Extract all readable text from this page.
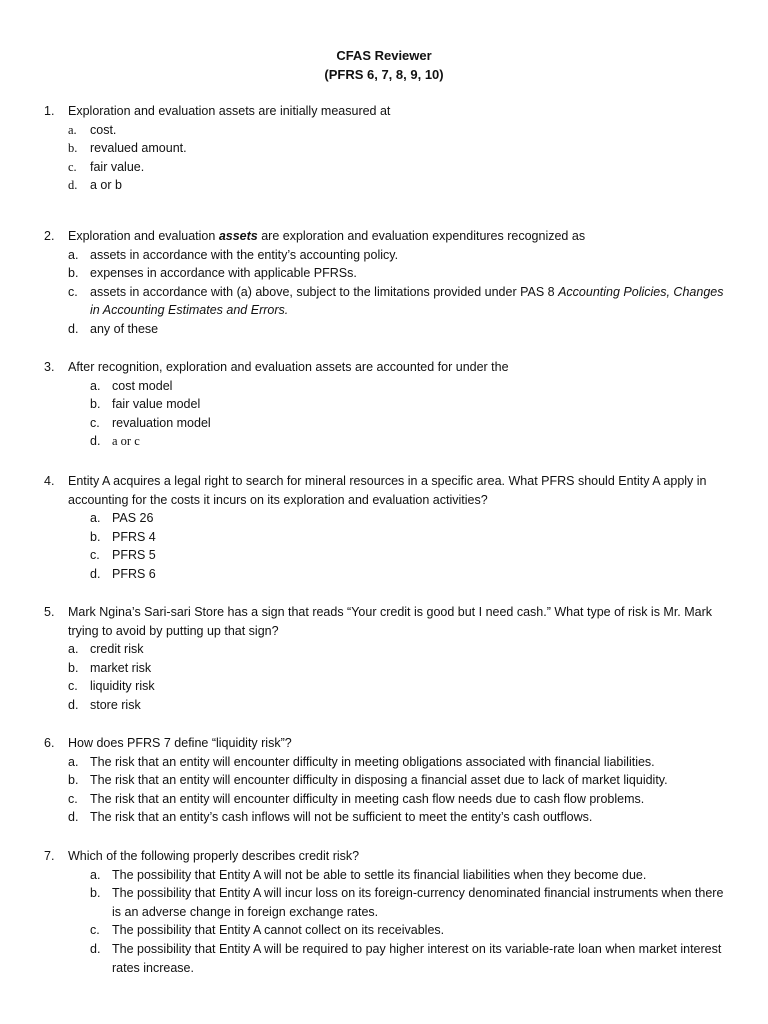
CFAS Reviewer
(PFRS 6, 7, 8, 9, 10)
1. Exploration and evaluation assets are initially measured at
a. cost.
b. revalued amount.
c. fair value.
d. a or b
2. Exploration and evaluation assets are exploration and evaluation expenditures recognized as
a. assets in accordance with the entity’s accounting policy.
b. expenses in accordance with applicable PFRSs.
c. assets in accordance with (a) above, subject to the limitations provided under PAS 8 Accounting Policies, Changes in Accounting Estimates and Errors.
d. any of these
3. After recognition, exploration and evaluation assets are accounted for under the
a. cost model
b. fair value model
c. revaluation model
d. a or c
4. Entity A acquires a legal right to search for mineral resources in a specific area. What PFRS should Entity A apply in accounting for the costs it incurs on its exploration and evaluation activities?
a. PAS 26
b. PFRS 4
c. PFRS 5
d. PFRS 6
5. Mark Ngina’s Sari-sari Store has a sign that reads “Your credit is good but I need cash.” What type of risk is Mr. Mark trying to avoid by putting up that sign?
a. credit risk
b. market risk
c. liquidity risk
d. store risk
6. How does PFRS 7 define “liquidity risk”?
a. The risk that an entity will encounter difficulty in meeting obligations associated with financial liabilities.
b. The risk that an entity will encounter difficulty in disposing a financial asset due to lack of market liquidity.
c. The risk that an entity will encounter difficulty in meeting cash flow needs due to cash flow problems.
d. The risk that an entity’s cash inflows will not be sufficient to meet the entity’s cash outflows.
7. Which of the following properly describes credit risk?
a. The possibility that Entity A will not be able to settle its financial liabilities when they become due.
b. The possibility that Entity A will incur loss on its foreign-currency denominated financial instruments when there is an adverse change in foreign exchange rates.
c. The possibility that Entity A cannot collect on its receivables.
d. The possibility that Entity A will be required to pay higher interest on its variable-rate loan when market interest rates increase.
